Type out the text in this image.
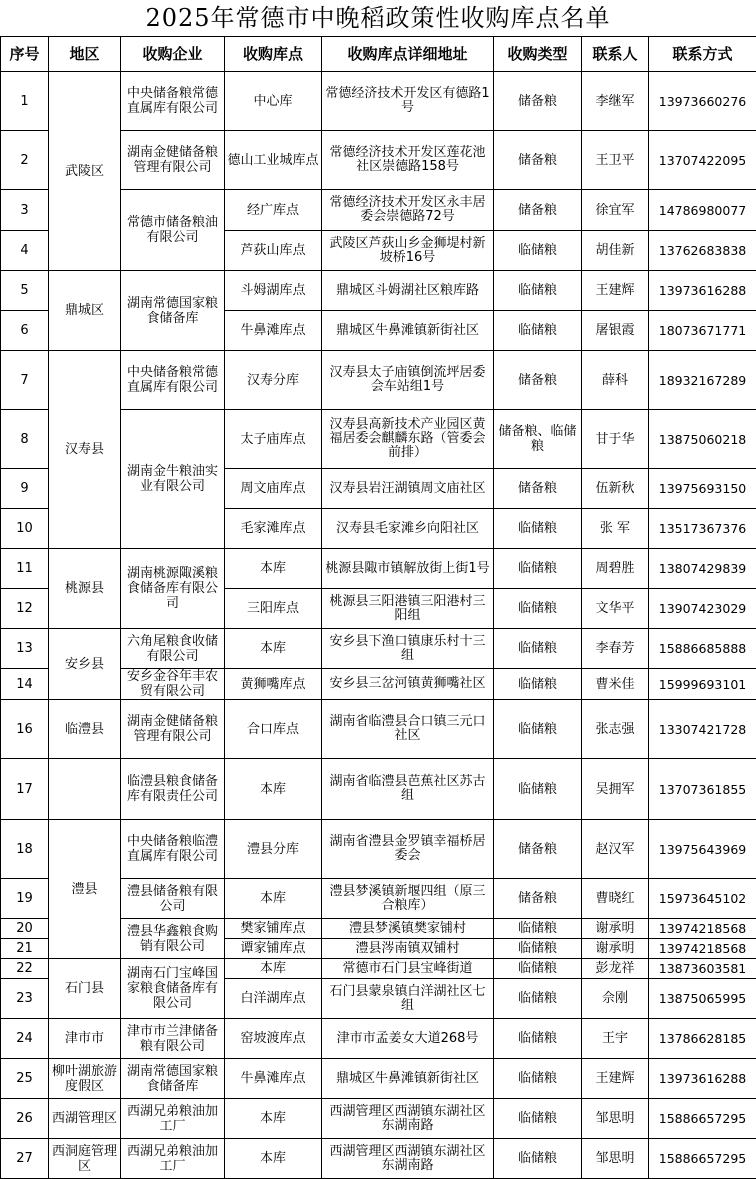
2025年常德市中晚稻政策性收购库点名单
序号	地区	收购企业	收购库点	收购库点详细地址	收购类型	联系人	联系方式
1	武陵区	中央储备粮常德直属库有限公司	中心库	常德经济技术开发区有德路1号	储备粮	李继军	13973660276
2		湖南金健储备粮管理有限公司	德山工业城库点	常德经济技术开发区莲花池社区崇德路158号	储备粮	王卫平	13707422095
3		常德市储备粮油有限公司	经广库点	常德经济技术开发区永丰居委会崇德路72号	储备粮	徐宜军	14786980077
4			芦荻山库点	武陵区芦荻山乡金狮堤村新坡桥16号	临储粮	胡佳新	13762683838
5	鼎城区	湖南常德国家粮食储备库	斗姆湖库点	鼎城区斗姆湖社区粮库路	临储粮	王建辉	13973616288
6			牛鼻滩库点	鼎城区牛鼻滩镇新街社区	临储粮	屠银霞	18073671771
7	汉寿县	中央储备粮常德直属库有限公司	汉寿分库	汉寿县太子庙镇倒流坪居委会车站组1号	储备粮	薛科	18932167289
8		湖南金牛粮油实业有限公司	太子庙库点	汉寿县高新技术产业园区黄福居委会麒麟东路（管委会前排）	储备粮、临储粮	甘于华	13875060218
9			周文庙库点	汉寿县岩汪湖镇周文庙社区	储备粮	伍新秋	13975693150
10			毛家滩库点	汉寿县毛家滩乡向阳社区	临储粮	张 军	13517367376
11	桃源县	湖南桃源陬溪粮食储备库有限公司	本库	桃源县陬市镇解放街上街1号	临储粮	周碧胜	13807429839
12			三阳库点	桃源县三阳港镇三阳港村三阳组	临储粮	文华平	13907423029
13	安乡县	六角尾粮食收储有限公司	本库	安乡县下渔口镇康乐村十三组	临储粮	李春芳	15886685888
14		安乡金谷年丰农贸有限公司	黄狮嘴库点	安乡县三岔河镇黄狮嘴社区	临储粮	曹米佳	15999693101
16	临澧县	湖南金健储备粮管理有限公司	合口库点	湖南省临澧县合口镇三元口社区	临储粮	张志强	13307421728
17		临澧县粮食储备库有限责任公司	本库	湖南省临澧县芭蕉社区苏古组	临储粮	吴拥军	13707361855
18	澧县	中央储备粮临澧直属库有限公司	澧县分库	湖南省澧县金罗镇幸福桥居委会	储备粮	赵汉军	13975643969
19		澧县储备粮有限公司	本库	澧县梦溪镇新堰四组（原三合粮库）	储备粮	曹晓红	15973645102
20		澧县华鑫粮食购销有限公司	樊家铺库点	澧县梦溪镇樊家铺村	临储粮	谢承明	13974218568
21			谭家铺库点	澧县涔南镇双铺村	临储粮	谢承明	13974218568
22	石门县	湖南石门宝峰国家粮食储备库有限公司	本库	常德市石门县宝峰街道	临储粮	彭龙祥	13873603581
23			白洋湖库点	石门县蒙泉镇白洋湖社区七组	临储粮	佘刚	13875065995
24	津市市	津市市兰津储备粮有限公司	窑坡渡库点	津市市孟姜女大道268号	临储粮	王宇	13786628185
25	柳叶湖旅游度假区	湖南常德国家粮食储备库	牛鼻滩库点	鼎城区牛鼻滩镇新街社区	临储粮	王建辉	13973616288
26	西湖管理区	西湖兄弟粮油加工厂	本库	西湖管理区西湖镇东湖社区东湖南路	临储粮	邹思明	15886657295
27	西洞庭管理区	西湖兄弟粮油加工厂	本库	西湖管理区西湖镇东湖社区东湖南路	临储粮	邹思明	15886657295
